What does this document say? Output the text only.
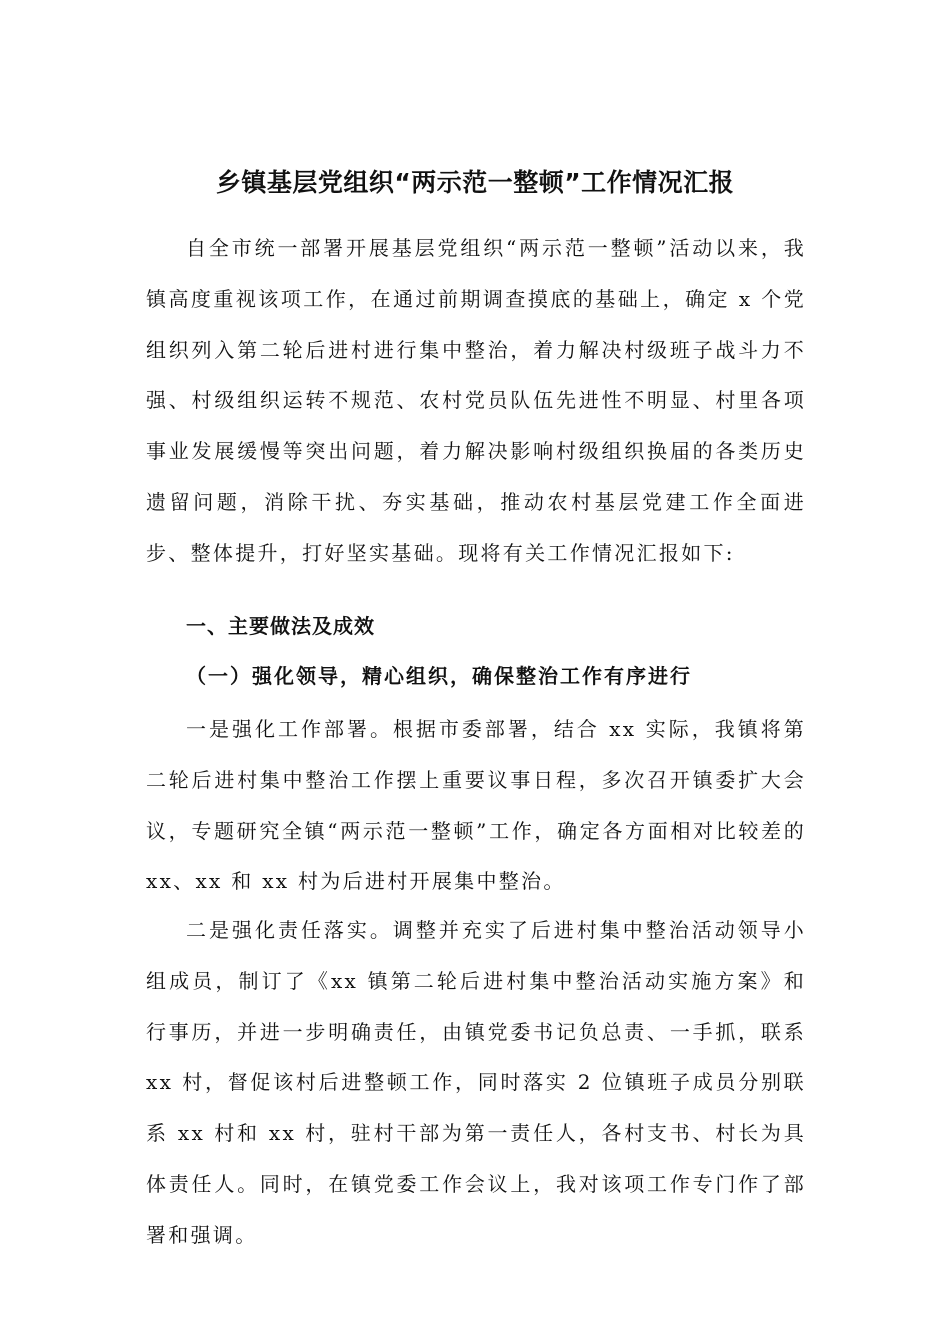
乡镇基层党组织“两示范一整顿”工作情况汇报

自全市统一部署开展基层党组织“两示范一整顿”活动以来，我镇高度重视该项工作，在通过前期调查摸底的基础上，确定 x 个党组织列入第二轮后进村进行集中整治，着力解决村级班子战斗力不强、村级组织运转不规范、农村党员队伍先进性不明显、村里各项事业发展缓慢等突出问题，着力解决影响村级组织换届的各类历史遗留问题，消除干扰、夯实基础，推动农村基层党建工作全面进步、整体提升，打好坚实基础。现将有关工作情况汇报如下:

一、主要做法及成效
（一）强化领导，精心组织，确保整治工作有序进行

一是强化工作部署。根据市委部署，结合 xx 实际，我镇将第二轮后进村集中整治工作摆上重要议事日程，多次召开镇委扩大会议，专题研究全镇“两示范一整顿”工作，确定各方面相对比较差的 xx、xx 和 xx 村为后进村开展集中整治。

二是强化责任落实。调整并充实了后进村集中整治活动领导小组成员，制订了《xx 镇第二轮后进村集中整治活动实施方案》和行事历，并进一步明确责任，由镇党委书记负总责、一手抓，联系 xx 村，督促该村后进整顿工作，同时落实 2 位镇班子成员分别联系 xx 村和 xx 村，驻村干部为第一责任人，各村支书、村长为具体责任人。同时，在镇党委工作会议上，我对该项工作专门作了部署和强调。
